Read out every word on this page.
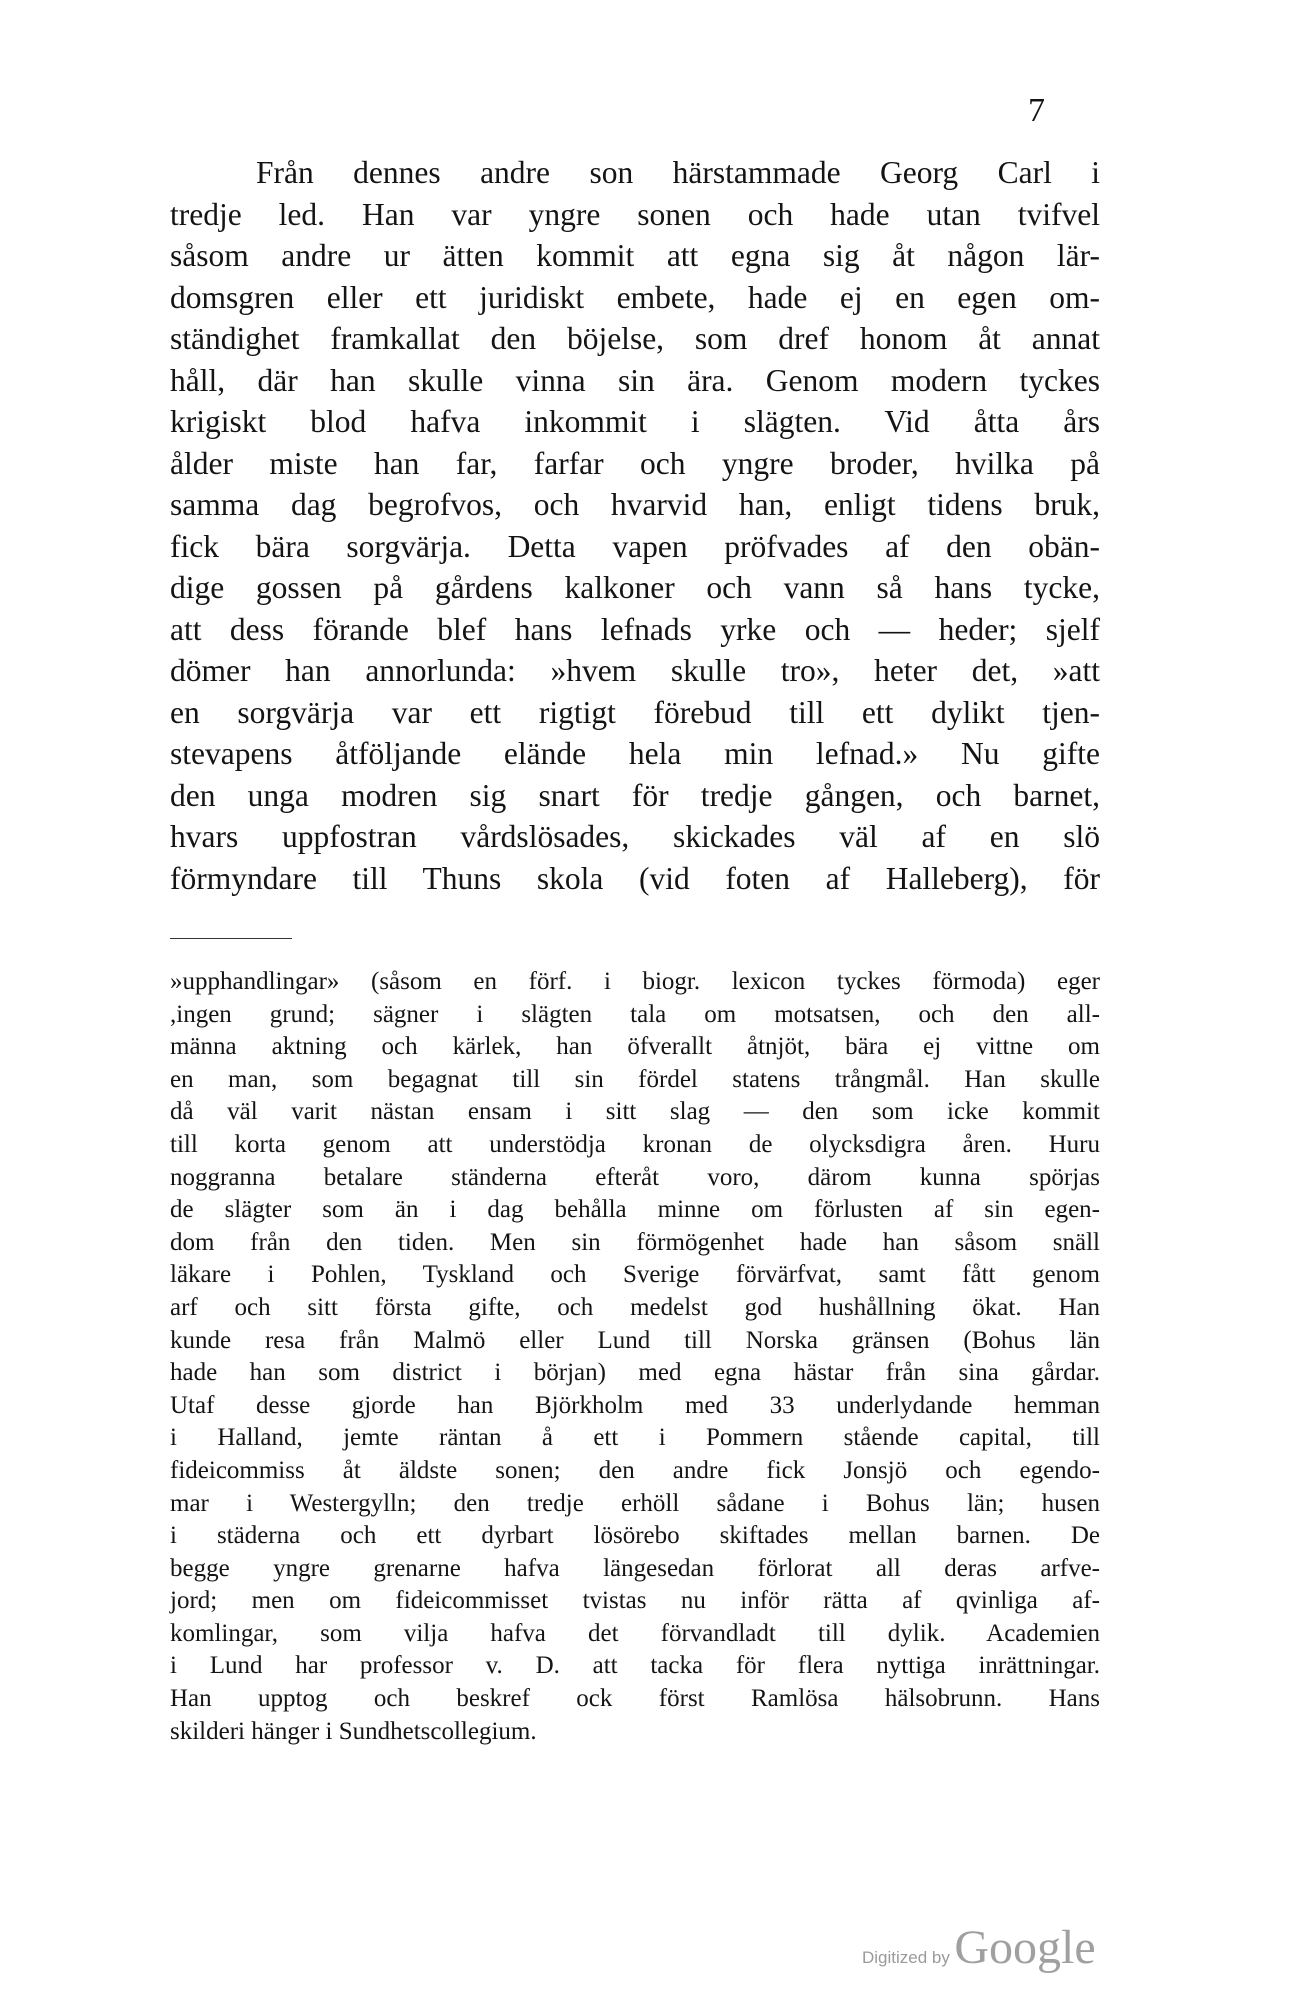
7
Från dennes andre son härstammade Georg Carl i
tredje led. Han var yngre sonen och hade utan tvifvel
såsom andre ur ätten kommit att egna sig åt någon lär-
domsgren eller ett juridiskt embete, hade ej en egen om-
ständighet framkallat den böjelse, som dref honom åt annat
håll, där han skulle vinna sin ära. Genom modern tyckes
krigiskt blod hafva inkommit i slägten. Vid åtta års
ålder miste han far, farfar och yngre broder, hvilka på
samma dag begrofvos, och hvarvid han, enligt tidens bruk,
fick bära sorgvärja. Detta vapen pröfvades af den obän-
dige gossen på gårdens kalkoner och vann så hans tycke,
att dess förande blef hans lefnads yrke och — heder; sjelf
dömer han annorlunda: »hvem skulle tro», heter det, »att
en sorgvärja var ett rigtigt förebud till ett dylikt tjen-
stevapens åtföljande elände hela min lefnad.» Nu gifte
den unga modren sig snart för tredje gången, och barnet,
hvars uppfostran vårdslösades, skickades väl af en slö
förmyndare till Thuns skola (vid foten af Halleberg), för
»upphandlingar» (såsom en förf. i biogr. lexicon tyckes förmoda) eger
,ingen grund; sägner i slägten tala om motsatsen, och den all-
männa aktning och kärlek, han öfverallt åtnjöt, bära ej vittne om
en man, som begagnat till sin fördel statens trångmål. Han skulle
då väl varit nästan ensam i sitt slag — den som icke kommit
till korta genom att understödja kronan de olycksdigra åren. Huru
noggranna betalare ständerna efteråt voro, därom kunna spörjas
de slägter som än i dag behålla minne om förlusten af sin egen-
dom från den tiden. Men sin förmögenhet hade han såsom snäll
läkare i Pohlen, Tyskland och Sverige förvärfvat, samt fått genom
arf och sitt första gifte, och medelst god hushållning ökat. Han
kunde resa från Malmö eller Lund till Norska gränsen (Bohus län
hade han som district i början) med egna hästar från sina gårdar.
Utaf desse gjorde han Björkholm med 33 underlydande hemman
i Halland, jemte räntan å ett i Pommern stående capital, till
fideicommiss åt äldste sonen; den andre fick Jonsjö och egendo-
mar i Westergylln; den tredje erhöll sådane i Bohus län; husen
i städerna och ett dyrbart lösörebo skiftades mellan barnen. De
begge yngre grenarne hafva längesedan förlorat all deras arfve-
jord; men om fideicommisset tvistas nu inför rätta af qvinliga af-
komlingar, som vilja hafva det förvandladt till dylik. Academien
i Lund har professor v. D. att tacka för flera nyttiga inrättningar.
Han upptog och beskref ock först Ramlösa hälsobrunn. Hans
skilderi hänger i Sundhetscollegium.
Digitized by Google
